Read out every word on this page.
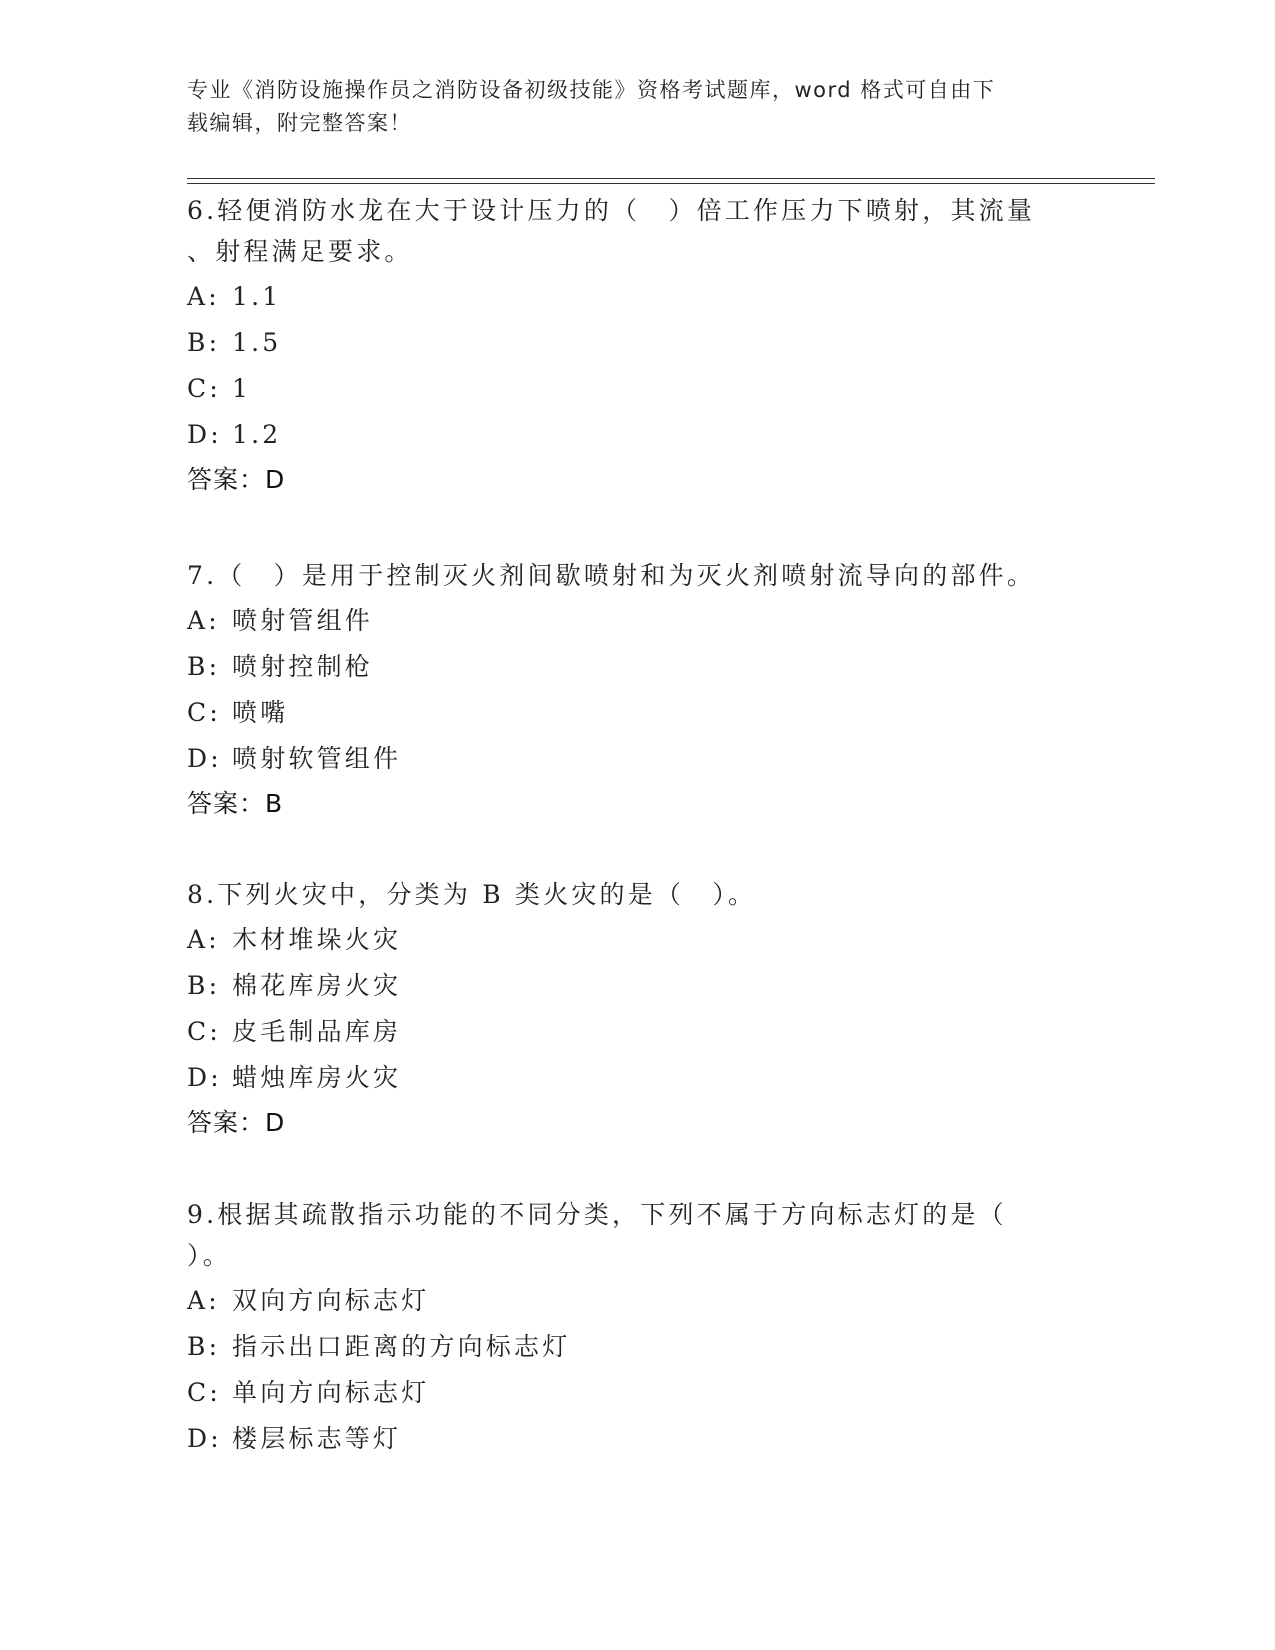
专业《消防设施操作员之消防设备初级技能》资格考试题库，word 格式可自由下
载编辑，附完整答案！
6.轻便消防水龙在大于设计压力的（　）倍工作压力下喷射，其流量
、射程满足要求。
A: 1.1
B: 1.5
C: 1
D: 1.2
答案：D
7.（　）是用于控制灭火剂间歇喷射和为灭火剂喷射流导向的部件。
A: 喷射管组件
B: 喷射控制枪
C: 喷嘴
D: 喷射软管组件
答案：B
8.下列火灾中，分类为 B 类火灾的是（　）。
A: 木材堆垛火灾
B: 棉花库房火灾
C: 皮毛制品库房
D: 蜡烛库房火灾
答案：D
9.根据其疏散指示功能的不同分类，下列不属于方向标志灯的是（
）。
A: 双向方向标志灯
B: 指示出口距离的方向标志灯
C: 单向方向标志灯
D: 楼层标志等灯
